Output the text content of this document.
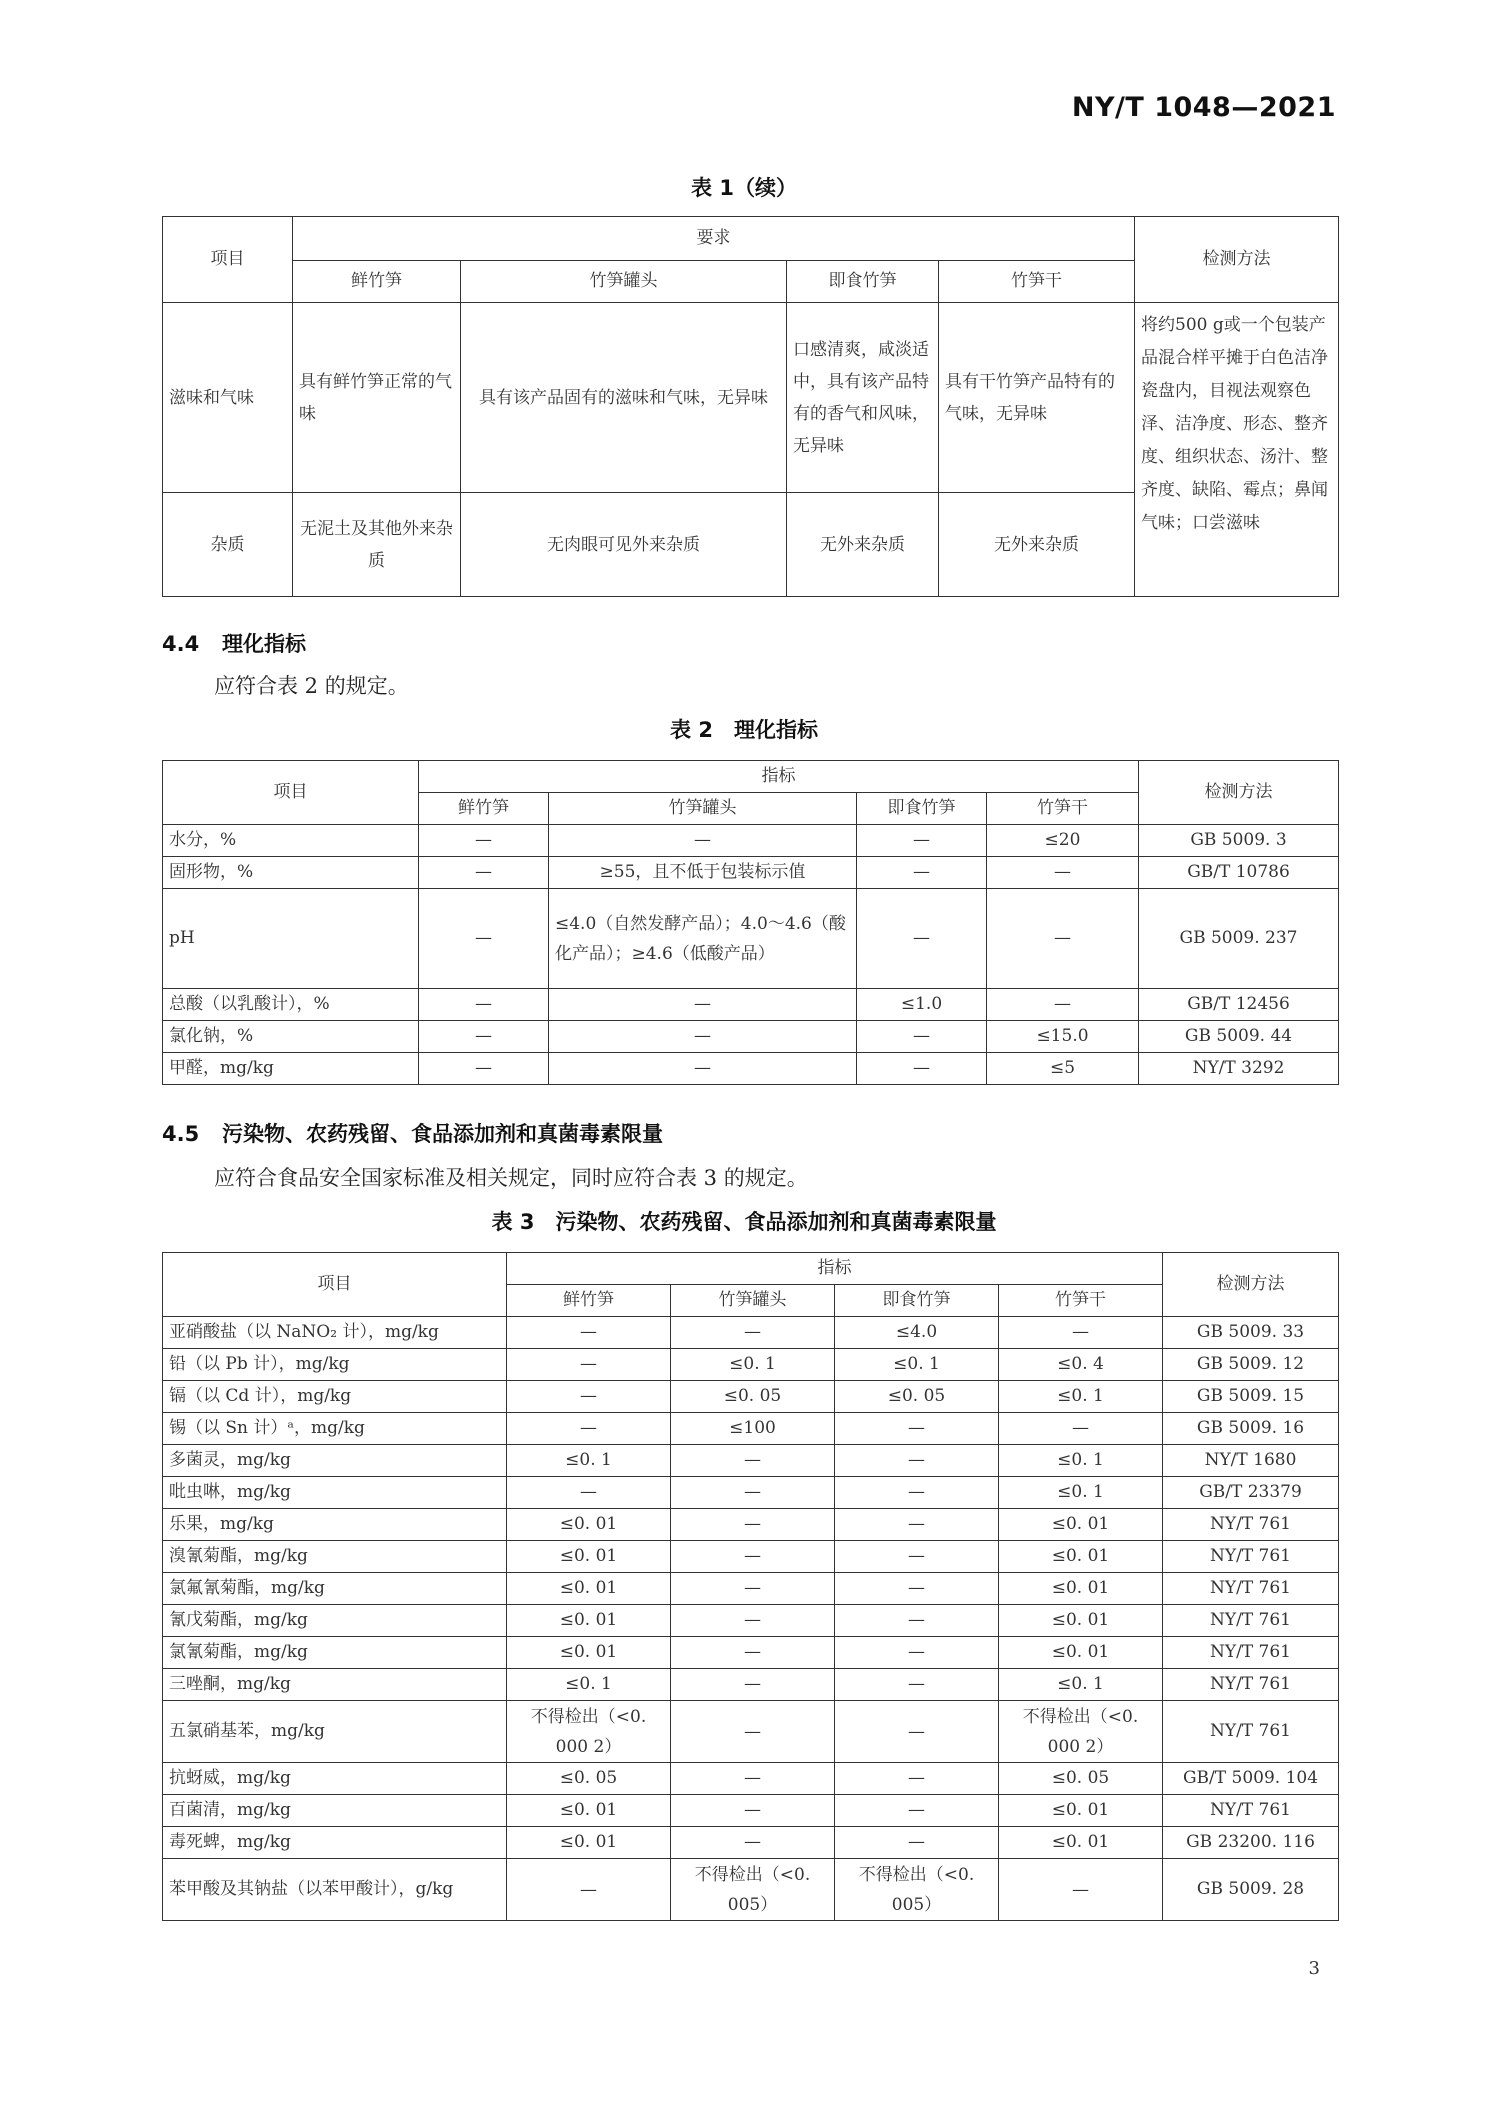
NY/T 1048—2021
表 1（续）
项目	要求				检测方法
	鲜竹笋	竹笋罐头	即食竹笋	竹笋干	
滋味和气味	具有鲜竹笋正常的气味	具有该产品固有的滋味和气味，无异味	口感清爽，咸淡适中，具有该产品特有的香气和风味，无异味	具有干竹笋产品特有的气味，无异味	将约500 g或一个包装产品混合样平摊于白色洁净瓷盘内，目视法观察色泽、洁净度、形态、整齐度、组织状态、汤汁、整齐度、缺陷、霉点；鼻闻气味；口尝滋味
杂质	无泥土及其他外来杂质	无肉眼可见外来杂质	无外来杂质	无外来杂质	
4.4 理化指标
应符合表 2 的规定。
表 2　理化指标
项目	指标				检测方法
	鲜竹笋	竹笋罐头	即食竹笋	竹笋干	
水分，%	—	—	—	≤20	GB 5009. 3
固形物，%	—	≥55，且不低于包装标示值	—	—	GB/T 10786
pH	—	≤4.0（自然发酵产品）；4.0～4.6（酸化产品）；≥4.6（低酸产品）	—	—	GB 5009. 237
总酸（以乳酸计），%	—	—	≤1.0	—	GB/T 12456
氯化钠，%	—	—	—	≤15.0	GB 5009. 44
甲醛，mg/kg	—	—	—	≤5	NY/T 3292
4.5 污染物、农药残留、食品添加剂和真菌毒素限量
应符合食品安全国家标准及相关规定，同时应符合表 3 的规定。
表 3　污染物、农药残留、食品添加剂和真菌毒素限量
项目	指标				检测方法
	鲜竹笋	竹笋罐头	即食竹笋	竹笋干	
亚硝酸盐（以 NaNO₂ 计），mg/kg	—	—	≤4.0	—	GB 5009. 33
铅（以 Pb 计），mg/kg	—	≤0. 1	≤0. 1	≤0. 4	GB 5009. 12
镉（以 Cd 计），mg/kg	—	≤0. 05	≤0. 05	≤0. 1	GB 5009. 15
锡（以 Sn 计）ᵃ，mg/kg	—	≤100	—	—	GB 5009. 16
多菌灵，mg/kg	≤0. 1	—	—	≤0. 1	NY/T 1680
吡虫啉，mg/kg	—	—	—	≤0. 1	GB/T 23379
乐果，mg/kg	≤0. 01	—	—	≤0. 01	NY/T 761
溴氰菊酯，mg/kg	≤0. 01	—	—	≤0. 01	NY/T 761
氯氟氰菊酯，mg/kg	≤0. 01	—	—	≤0. 01	NY/T 761
氰戊菊酯，mg/kg	≤0. 01	—	—	≤0. 01	NY/T 761
氯氰菊酯，mg/kg	≤0. 01	—	—	≤0. 01	NY/T 761
三唑酮，mg/kg	≤0. 1	—	—	≤0. 1	NY/T 761
五氯硝基苯，mg/kg	不得检出（<0. 000 2）	—	—	不得检出（<0. 000 2）	NY/T 761
抗蚜威，mg/kg	≤0. 05	—	—	≤0. 05	GB/T 5009. 104
百菌清，mg/kg	≤0. 01	—	—	≤0. 01	NY/T 761
毒死蜱，mg/kg	≤0. 01	—	—	≤0. 01	GB 23200. 116
苯甲酸及其钠盐（以苯甲酸计），g/kg	—	不得检出（<0. 005）	不得检出（<0. 005）	—	GB 5009. 28
3
